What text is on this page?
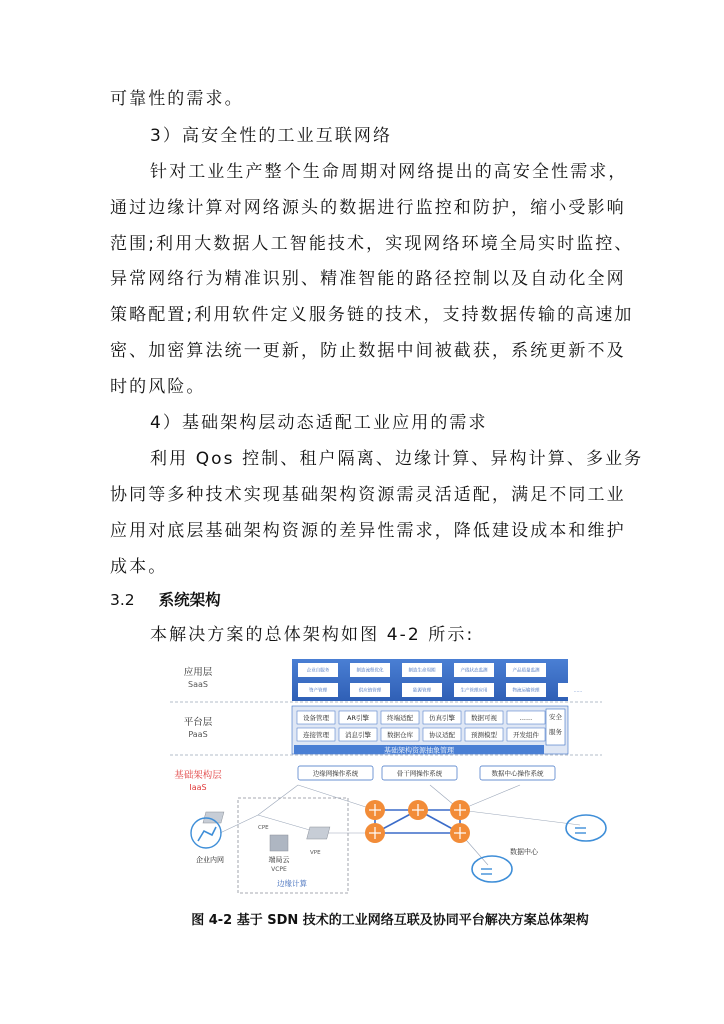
可靠性的需求。
3）高安全性的工业互联网络
针对工业生产整个生命周期对网络提出的高安全性需求，
通过边缘计算对网络源头的数据进行监控和防护，缩小受影响
范围;利用大数据人工智能技术，实现网络环境全局实时监控、
异常网络行为精准识别、精准智能的路径控制以及自动化全网
策略配置;利用软件定义服务链的技术，支持数据传输的高速加
密、加密算法统一更新，防止数据中间被截获，系统更新不及
时的风险。
4）基础架构层动态适配工业应用的需求
利用 Qos 控制、租户隔离、边缘计算、异构计算、多业务
协同等多种技术实现基础架构资源需灵活适配，满足不同工业
应用对底层基础架构资源的差异性需求，降低建设成本和维护
成本。
3.2 系统架构
本解决方案的总体架构如图 4-2 所示:
应用层
SaaS
平台层
PaaS
基础架构层
IaaS
企业自服务	制造流程优化	制造生命周期	产线状态监测	产品质量监测
资产管理	供应链管理	能源管理	生产管理应用	物流运输管理	......
设备管理	AR引擎	终端适配 仿真引擎 数据可视	......
连接管理 消息引擎 数据仓库 协议适配 预测模型 开发组件
安全
服务
基础架构资源抽象管理
边缘网操作系统	骨干网操作系统	数据中心操作系统
CPE
VPE
端局云
VCPE
边缘计算
企业内网
数据中心
图 4-2 基于 SDN 技术的工业网络互联及协同平台解决方案总体架构
